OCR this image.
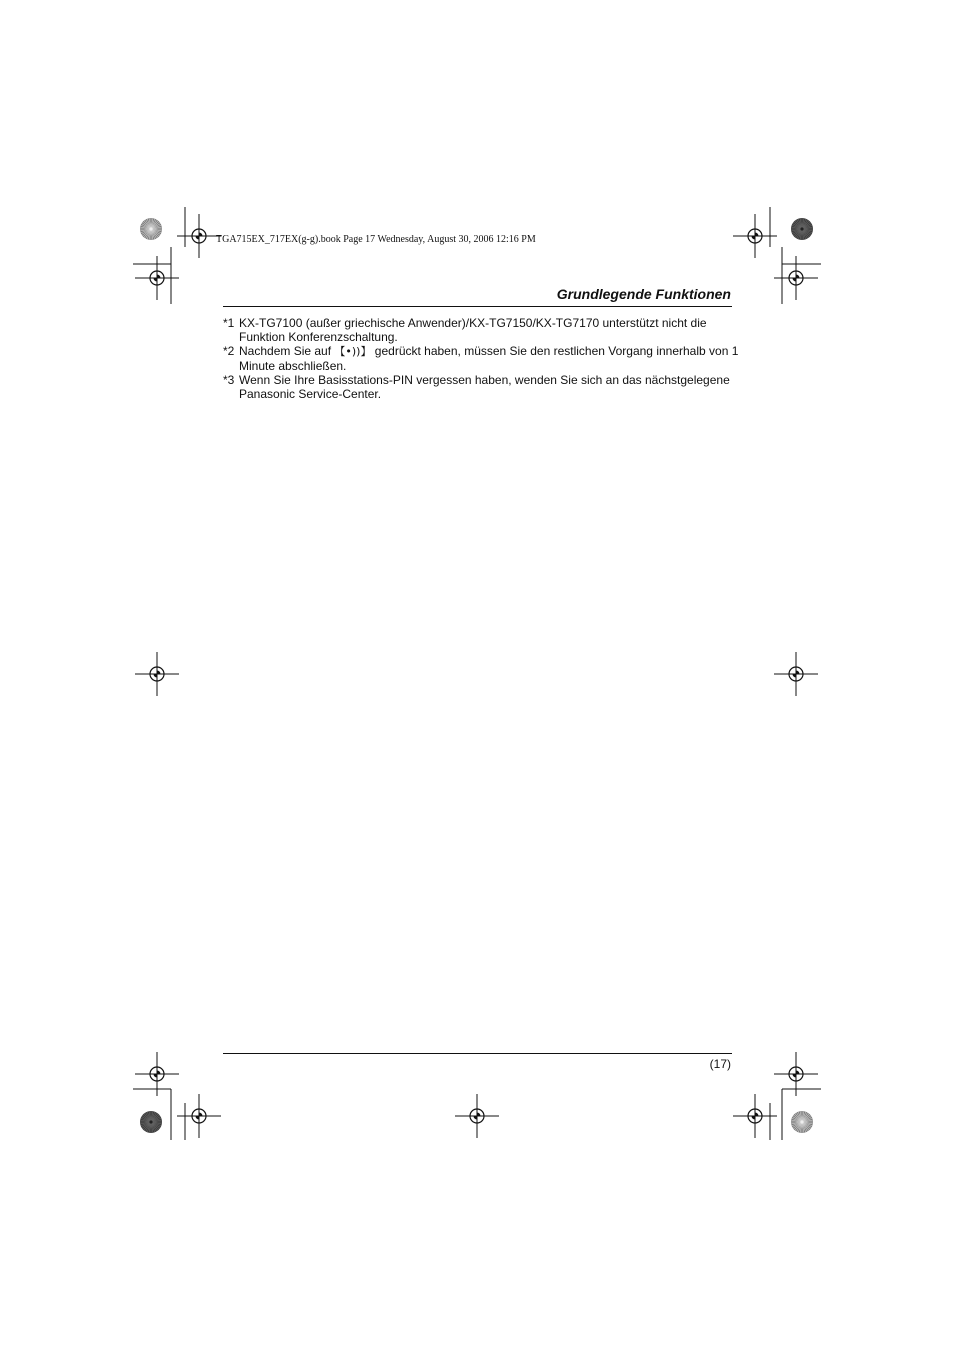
TGA715EX_717EX(g-g).book Page 17 Wednesday, August 30, 2006 12:16 PM
Grundlegende Funktionen
*1 KX-TG7100 (außer griechische Anwender)/KX-TG7150/KX-TG7170 unterstützt nicht die Funktion Konferenzschaltung.
*2 Nachdem Sie auf 【•))】 gedrückt haben, müssen Sie den restlichen Vorgang innerhalb von 1 Minute abschließen.
*3 Wenn Sie Ihre Basisstations-PIN vergessen haben, wenden Sie sich an das nächstgelegene Panasonic Service-Center.
(17)
